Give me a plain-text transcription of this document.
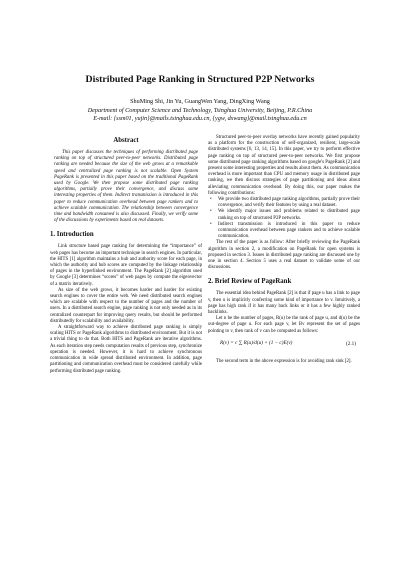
Distributed Page Ranking in Structured P2P Networks
ShuMing Shi, Jin Yu, GuangWen Yang, DingXing Wang
Department of Computer Science and Technology, Tsinghua University, Beijing, P.R.China
E-mail: {ssm01, yujin}@mails.tsinghua.edu.cn, {ygw, dxwang}@mail.tsinghua.edu.cn
Abstract

This paper discusses the techniques of performing distributed page ranking on top of structured peer-to-peer networks. Distributed page ranking are needed because the size of the web grows at a remarkable speed and centralized page ranking is not scalable. Open System PageRank is presented in this paper based on the traditional PageRank used by Google. We then propose some distributed page ranking algorithms, partially prove their convergence, and discuss some interesting properties of them. Indirect transmission is introduced in this paper to reduce communication overhead between page rankers and to achieve scalable communication. The relationship between convergence time and bandwidth consumed is also discussed. Finally, we verify some of the discussions by experiments based on real datasets.

1. Introduction

Link structure based page ranking for determining the “importance” of web pages has become an important technique in search engines. In particular, the HITS [1] algorithm maintains a hub and authority score for each page, in which the authority and hub scores are computed by the linkage relationship of pages in the hyperlinked environment. The PageRank [2] algorithm used by Google [3] determines “scores” of web pages by compute the eigenvector of a matrix iteratively.

As size of the web grows, it becomes harder and harder for existing search engines to cover the entire web. We need distributed search engines which are scalable with respect to the number of pages and the number of users. In a distributed search engine, page ranking is not only needed as in its centralized counterpart for improving query results, but should be performed distributedly for scalability and availability.

A straightforward way to achieve distributed page ranking is simply scaling HITS or PageRank algorithms to distributed environment. But it is not a trivial thing to do that. Both HITS and PageRank are iterative algorithms. As each iteration step needs computation results of previous step, synchronize operation is needed. However, it is hard to achieve synchronous communication in wide spread distributed environment. In addition, page partitioning and communication overhead must be considered carefully while performing distributed page ranking.

Structured peer-to-peer overlay networks have recently gained popularity as a platform for the construction of self-organized, resilient, large-scale distributed systems [6, 13, 14, 15]. In this paper, we try to perform effective page ranking on top of structured peer-to-peer networks. We first propose some distributed page ranking algorithms based on google's PageRank [2] and present some interesting properties and results about them. As communication overhead is more important than CPU and memory usage in distributed page ranking, we then discuss strategies of page partitioning and ideas about alleviating communication overhead. By doing this, our paper makes the following contributions:

• We provide two distributed page ranking algorithms, partially prove their convergence, and verify their features by using a real dataset.
• We identify major issues and problems related to distributed page ranking on top of structured P2P networks.
• Indirect transmission is introduced in this paper to reduce communication overhead between page rankers and to achieve scalable communication.

The rest of the paper is as follow: After briefly reviewing the PageRank algorithm in section 2, a modification on PageRank for open systems is proposed in section 3. Issues in distributed page ranking are discussed one by one in section 4. Section 5 uses a real dataset to validate some of our discussions.

2. Brief Review of PageRank

The essential idea behind PageRank [2] is that if page u has a link to page v, then u is implicitly conferring some kind of importance to v. Intuitively, a page has high rank if it has many back links or it has a few highly ranked backlinks.

Let n be the number of pages, R(u) be the rank of page u, and d(u) be the out-degree of page u. For each page v, let Bv represent the set of pages pointing to v, then rank of v can be computed as follows:

R(v) = c ∑ R(u)/d(u) + (1 − c)E(v)	(2.1)

The second term in the above expression is for avoiding rank sink [2].
